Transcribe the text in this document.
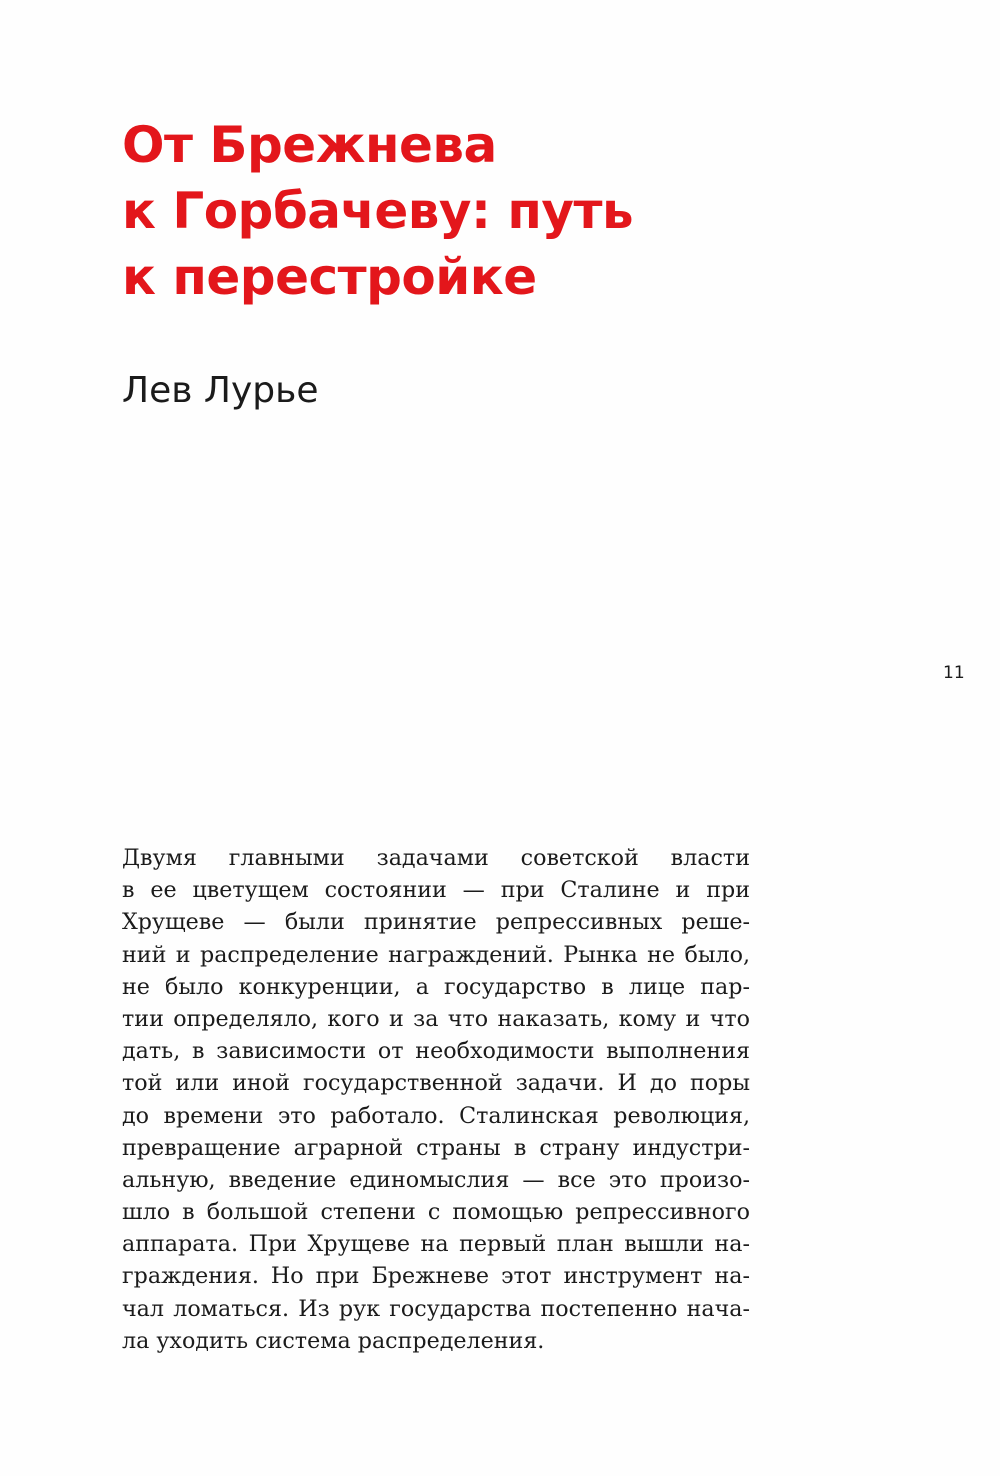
От Брежнева
к Горбачеву: путь
к перестройке
Лев Лурье
11
Двумя главными задачами советской власти
в ее цветущем состоянии — при Сталине и при
Хрущеве — были принятие репрессивных реше-
ний и распределение награждений. Рынка не было,
не было конкуренции, а государство в лице пар-
тии определяло, кого и за что наказать, кому и что
дать, в зависимости от необходимости выполнения
той или иной государственной задачи. И до поры
до времени это работало. Сталинская революция,
превращение аграрной страны в страну индустри-
альную, введение единомыслия — все это произо-
шло в большой степени с помощью репрессивного
аппарата. При Хрущеве на первый план вышли на-
граждения. Но при Брежневе этот инструмент на-
чал ломаться. Из рук государства постепенно нача-
ла уходить система распределения.
